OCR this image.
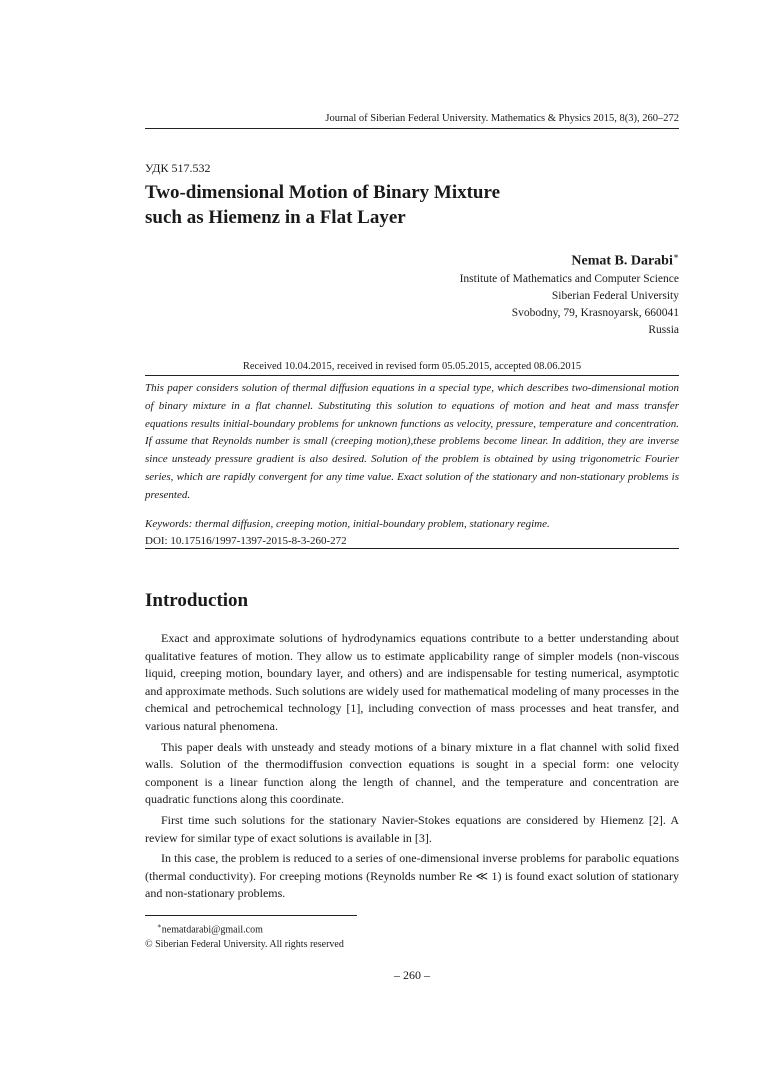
Journal of Siberian Federal University. Mathematics & Physics 2015, 8(3), 260–272
УДК 517.532
Two-dimensional Motion of Binary Mixture
such as Hiemenz in a Flat Layer
Nemat B. Darabi∗
Institute of Mathematics and Computer Science
Siberian Federal University
Svobodny, 79, Krasnoyarsk, 660041
Russia
Received 10.04.2015, received in revised form 05.05.2015, accepted 08.06.2015

This paper considers solution of thermal diffusion equations in a special type, which describes two-dimensional motion of binary mixture in a flat channel. Substituting this solution to equations of motion and heat and mass transfer equations results initial-boundary problems for unknown functions as velocity, pressure, temperature and concentration. If assume that Reynolds number is small (creeping motion),these problems become linear. In addition, they are inverse since unsteady pressure gradient is also desired. Solution of the problem is obtained by using trigonometric Fourier series, which are rapidly convergent for any time value. Exact solution of the stationary and non-stationary problems is presented.

Keywords: thermal diffusion, creeping motion, initial-boundary problem, stationary regime.
DOI: 10.17516/1997-1397-2015-8-3-260-272
Introduction

Exact and approximate solutions of hydrodynamics equations contribute to a better understanding about qualitative features of motion. They allow us to estimate applicability range of simpler models (non-viscous liquid, creeping motion, boundary layer, and others) and are indispensable for testing numerical, asymptotic and approximate methods. Such solutions are widely used for mathematical modeling of many processes in the chemical and petrochemical technology [1], including convection of mass processes and heat transfer, and various natural phenomena.

This paper deals with unsteady and steady motions of a binary mixture in a flat channel with solid fixed walls. Solution of the thermodiffusion convection equations is sought in a special form: one velocity component is a linear function along the length of channel, and the temperature and concentration are quadratic functions along this coordinate.

First time such solutions for the stationary Navier-Stokes equations are considered by Hiemenz [2]. A review for similar type of exact solutions is available in [3].

In this case, the problem is reduced to a series of one-dimensional inverse problems for parabolic equations (thermal conductivity). For creeping motions (Reynolds number Re ≪ 1) is found exact solution of stationary and non-stationary problems.

∗nematdarabi@gmail.com
© Siberian Federal University. All rights reserved
– 260 –
